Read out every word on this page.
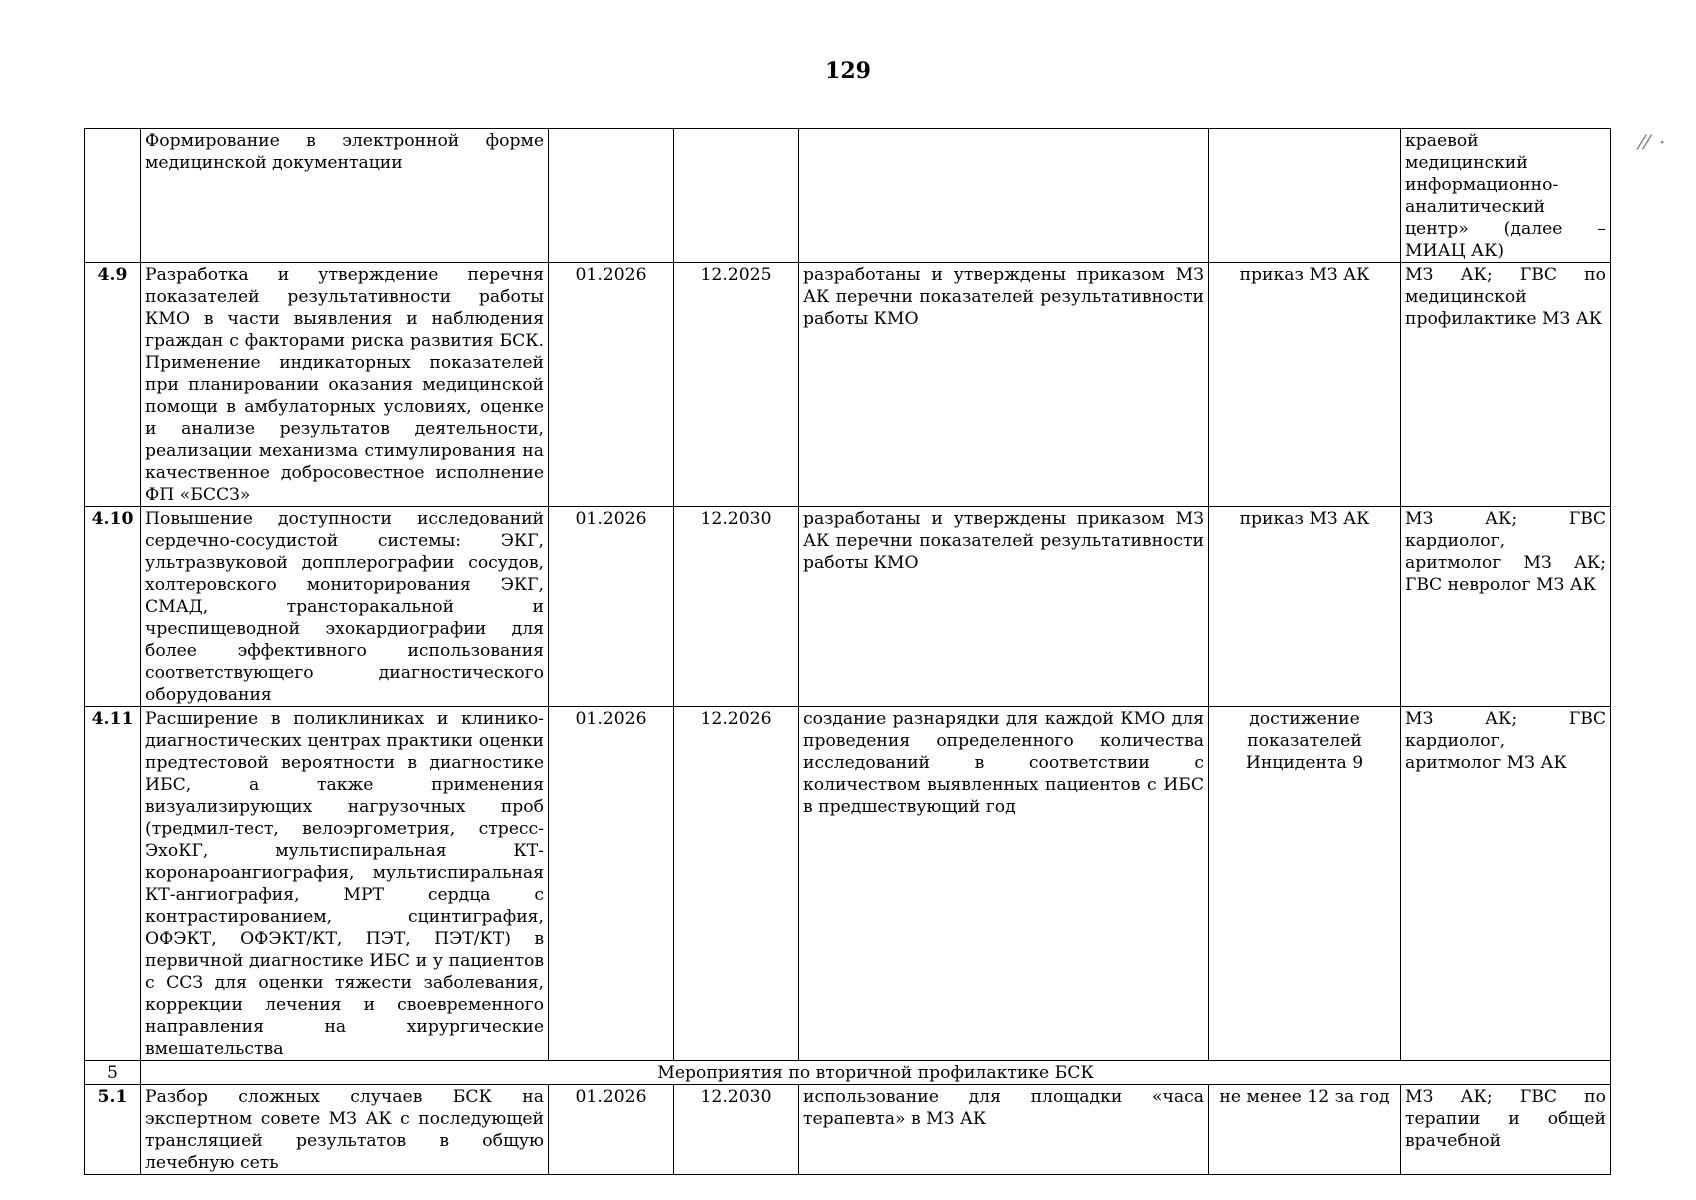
129
⁄⁄ ·
	Формирование в электронной форме медицинской документации					краевой медицинский информационно-аналитический центр» (далее – МИАЦ АК)
4.9	Разработка и утверждение перечня показателей результативности работы КМО в части выявления и наблюдения граждан с факторами риска развития БСК. Применение индикаторных показателей при планировании оказания медицинской помощи в амбулаторных условиях, оценке и анализе результатов деятельности, реализации механизма стимулирования на качественное добросовестное исполнение ФП «БССЗ»	01.2026	12.2025	разработаны и утверждены приказом МЗ АК перечни показателей результативности работы КМО	приказ МЗ АК	МЗ АК; ГВС по медицинской профилактике МЗ АК
4.10	Повышение доступности исследований сердечно-сосудистой системы: ЭКГ, ультразвуковой допплерографии сосудов, холтеровского мониторирования ЭКГ, СМАД, трансторакальной и чреспищеводной эхокардиографии для более эффективного использования соответствующего диагностического оборудования	01.2026	12.2030	разработаны и утверждены приказом МЗ АК перечни показателей результативности работы КМО	приказ МЗ АК	МЗ АК; ГВС кардиолог, аритмолог МЗ АК; ГВС невролог МЗ АК
4.11	Расширение в поликлиниках и клинико-диагностических центрах практики оценки предтестовой вероятности в диагностике ИБС, а также применения визуализирующих нагрузочных проб (тредмил-тест, велоэргометрия, стресс-ЭхоКГ, мультиспиральная КТ-коронароангиография, мультиспиральная КТ-ангиография, МРТ сердца с контрастированием, сцинтиграфия, ОФЭКТ, ОФЭКТ/КТ, ПЭТ, ПЭТ/КТ) в первичной диагностике ИБС и у пациентов с ССЗ для оценки тяжести заболевания, коррекции лечения и своевременного направления на хирургические вмешательства	01.2026	12.2026	создание разнарядки для каждой КМО для проведения определенного количества исследований в соответствии с количеством выявленных пациентов с ИБС в предшествующий год	достижение показателей Инцидента 9	МЗ АК; ГВС кардиолог, аритмолог МЗ АК
5	Мероприятия по вторичной профилактике БСК					
5.1	Разбор сложных случаев БСК на экспертном совете МЗ АК с последующей трансляцией результатов в общую лечебную сеть	01.2026	12.2030	использование для площадки «часа терапевта» в МЗ АК	не менее 12 за год	МЗ АК; ГВС по терапии и общей врачебной
